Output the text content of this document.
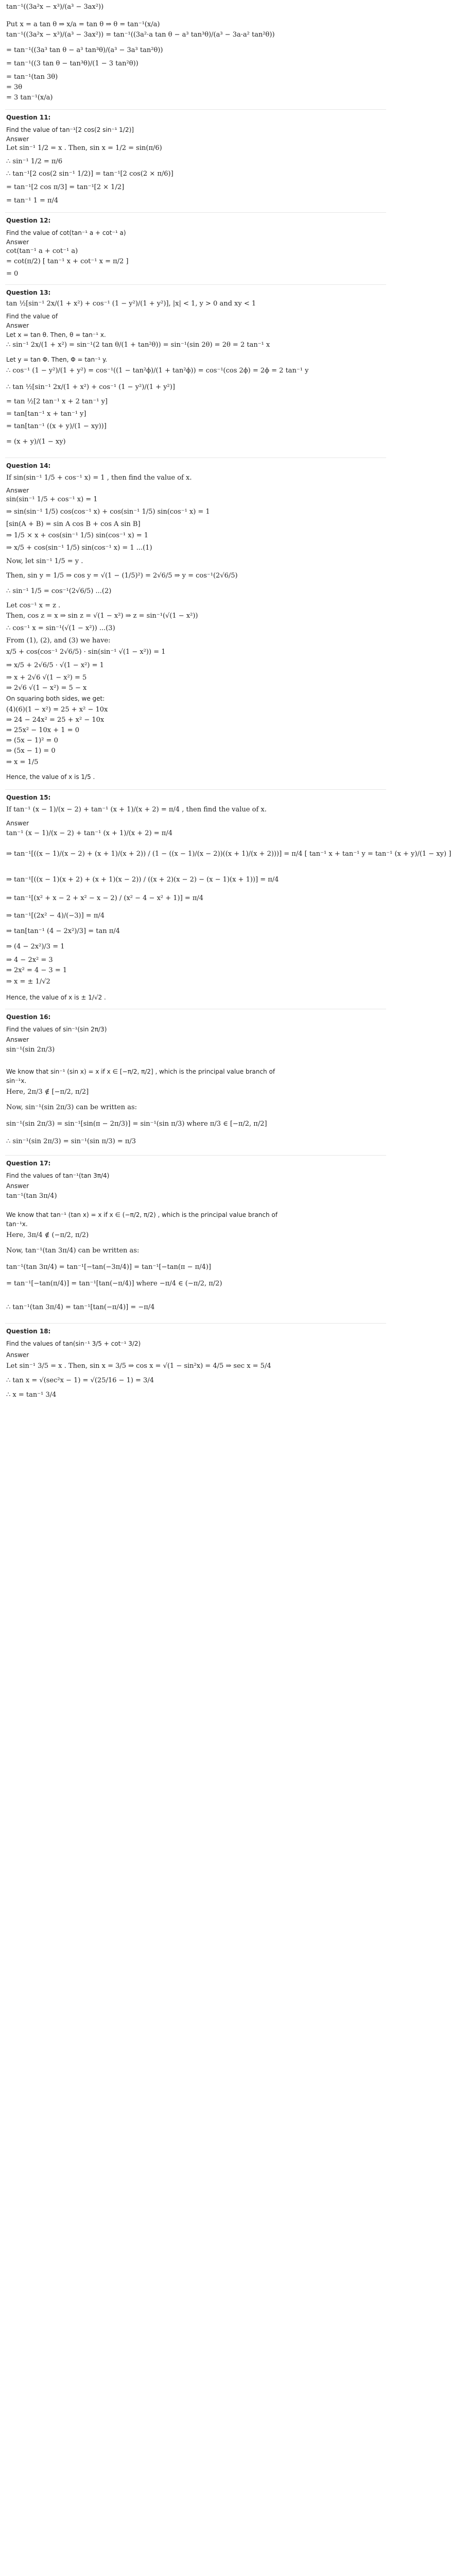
tan⁻¹((3a²x − x³)/(a³ − 3ax²))
Put x = a tan θ ⇒ x/a = tan θ ⇒ θ = tan⁻¹(x/a)
tan⁻¹((3a²x − x³)/(a³ − 3ax²)) = tan⁻¹((3a²·a tan θ − a³ tan³θ)/(a³ − 3a·a² tan²θ))
= tan⁻¹((3a³ tan θ − a³ tan³θ)/(a³ − 3a³ tan²θ))
= tan⁻¹((3 tan θ − tan³θ)/(1 − 3 tan²θ))
= tan⁻¹(tan 3θ)
= 3θ
= 3 tan⁻¹(x/a)
Question 11:
Find the value of tan⁻¹[2 cos(2 sin⁻¹ 1/2)]
Answer
Let sin⁻¹ 1/2 = x . Then, sin x = 1/2 = sin(π/6)
∴ sin⁻¹ 1/2 = π/6
∴ tan⁻¹[2 cos(2 sin⁻¹ 1/2)] = tan⁻¹[2 cos(2 × π/6)]
= tan⁻¹[2 cos π/3] = tan⁻¹[2 × 1/2]
= tan⁻¹ 1 = π/4
Question 12:
Find the value of cot(tan⁻¹ a + cot⁻¹ a)
Answer
cot(tan⁻¹ a + cot⁻¹ a)
= cot(π/2) [ tan⁻¹ x + cot⁻¹ x = π/2 ]
= 0
Question 13:
tan ½[sin⁻¹ 2x/(1 + x²) + cos⁻¹ (1 − y²)/(1 + y²)], |x| < 1, y > 0 and xy < 1
Find the value of
Answer
Let x = tan θ. Then, θ = tan⁻¹ x.
∴ sin⁻¹ 2x/(1 + x²) = sin⁻¹(2 tan θ/(1 + tan²θ)) = sin⁻¹(sin 2θ) = 2θ = 2 tan⁻¹ x
Let y = tan Φ. Then, Φ = tan⁻¹ y.
∴ cos⁻¹ (1 − y²)/(1 + y²) = cos⁻¹((1 − tan²ϕ)/(1 + tan²ϕ)) = cos⁻¹(cos 2ϕ) = 2ϕ = 2 tan⁻¹ y
∴ tan ½[sin⁻¹ 2x/(1 + x²) + cos⁻¹ (1 − y²)/(1 + y²)]
= tan ½[2 tan⁻¹ x + 2 tan⁻¹ y]
= tan[tan⁻¹ x + tan⁻¹ y]
= tan[tan⁻¹ ((x + y)/(1 − xy))]
= (x + y)/(1 − xy)
Question 14:
If sin(sin⁻¹ 1/5 + cos⁻¹ x) = 1 , then find the value of x.
Answer
sin(sin⁻¹ 1/5 + cos⁻¹ x) = 1
⇒ sin(sin⁻¹ 1/5) cos(cos⁻¹ x) + cos(sin⁻¹ 1/5) sin(cos⁻¹ x) = 1
[sin(A + B) = sin A cos B + cos A sin B]
⇒ 1/5 × x + cos(sin⁻¹ 1/5) sin(cos⁻¹ x) = 1
⇒ x/5 + cos(sin⁻¹ 1/5) sin(cos⁻¹ x) = 1 ...(1)
Now, let sin⁻¹ 1/5 = y .
Then, sin y = 1/5 ⇒ cos y = √(1 − (1/5)²) = 2√6/5 ⇒ y = cos⁻¹(2√6/5)
∴ sin⁻¹ 1/5 = cos⁻¹(2√6/5) ...(2)
Let cos⁻¹ x = z .
Then, cos z = x ⇒ sin z = √(1 − x²) ⇒ z = sin⁻¹(√(1 − x²))
∴ cos⁻¹ x = sin⁻¹(√(1 − x²)) ...(3)
From (1), (2), and (3) we have:
x/5 + cos(cos⁻¹ 2√6/5) · sin(sin⁻¹ √(1 − x²)) = 1
⇒ x/5 + 2√6/5 · √(1 − x²) = 1
⇒ x + 2√6 √(1 − x²) = 5
⇒ 2√6 √(1 − x²) = 5 − x
On squaring both sides, we get:
(4)(6)(1 − x²) = 25 + x² − 10x
⇒ 24 − 24x² = 25 + x² − 10x
⇒ 25x² − 10x + 1 = 0
⇒ (5x − 1)² = 0
⇒ (5x − 1) = 0
⇒ x = 1/5
Hence, the value of x is 1/5 .
Question 15:
If tan⁻¹ (x − 1)/(x − 2) + tan⁻¹ (x + 1)/(x + 2) = π/4 , then find the value of x.
Answer
tan⁻¹ (x − 1)/(x − 2) + tan⁻¹ (x + 1)/(x + 2) = π/4
⇒ tan⁻¹[((x − 1)/(x − 2) + (x + 1)/(x + 2)) / (1 − ((x − 1)/(x − 2))((x + 1)/(x + 2)))] = π/4 [ tan⁻¹ x + tan⁻¹ y = tan⁻¹ (x + y)/(1 − xy) ]
⇒ tan⁻¹[((x − 1)(x + 2) + (x + 1)(x − 2)) / ((x + 2)(x − 2) − (x − 1)(x + 1))] = π/4
⇒ tan⁻¹[(x² + x − 2 + x² − x − 2) / (x² − 4 − x² + 1)] = π/4
⇒ tan⁻¹[(2x² − 4)/(−3)] = π/4
⇒ tan[tan⁻¹ (4 − 2x²)/3] = tan π/4
⇒ (4 − 2x²)/3 = 1
⇒ 4 − 2x² = 3
⇒ 2x² = 4 − 3 = 1
⇒ x = ± 1/√2
Hence, the value of x is ± 1/√2 .
Question 16:
Find the values of sin⁻¹(sin 2π/3)
Answer
sin⁻¹(sin 2π/3)
We know that sin⁻¹ (sin x) = x if x ∈ [−π/2, π/2] , which is the principal value branch of
sin⁻¹x.
Here, 2π/3 ∉ [−π/2, π/2]
Now, sin⁻¹(sin 2π/3) can be written as:
sin⁻¹(sin 2π/3) = sin⁻¹[sin(π − 2π/3)] = sin⁻¹(sin π/3) where π/3 ∈ [−π/2, π/2]
∴ sin⁻¹(sin 2π/3) = sin⁻¹(sin π/3) = π/3
Question 17:
Find the values of tan⁻¹(tan 3π/4)
Answer
tan⁻¹(tan 3π/4)
We know that tan⁻¹ (tan x) = x if x ∈ (−π/2, π/2) , which is the principal value branch of
tan⁻¹x.
Here, 3π/4 ∉ (−π/2, π/2)
Now, tan⁻¹(tan 3π/4) can be written as:
tan⁻¹(tan 3π/4) = tan⁻¹[−tan(−3π/4)] = tan⁻¹[−tan(π − π/4)]
= tan⁻¹[−tan(π/4)] = tan⁻¹[tan(−π/4)] where −π/4 ∈ (−π/2, π/2)
∴ tan⁻¹(tan 3π/4) = tan⁻¹[tan(−π/4)] = −π/4
Question 18:
Find the values of tan(sin⁻¹ 3/5 + cot⁻¹ 3/2)
Answer
Let sin⁻¹ 3/5 = x . Then, sin x = 3/5 ⇒ cos x = √(1 − sin²x) = 4/5 ⇒ sec x = 5/4
∴ tan x = √(sec²x − 1) = √(25/16 − 1) = 3/4
∴ x = tan⁻¹ 3/4
